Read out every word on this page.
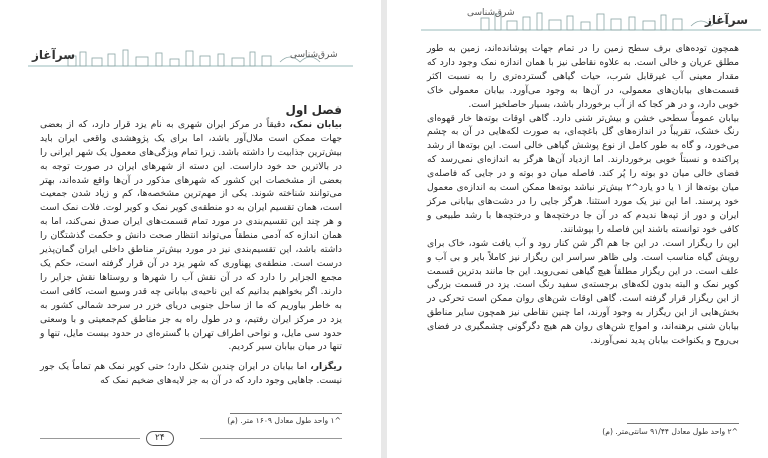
سرآغاز	شرق‌شناسی

فصل اول

بیابان نمک، دقیقاً در مرکز ایران شهری به نام یزد قرار دارد، که از بعضی جهات ممکن است ملال‌آور باشد، اما برای یک پژوهشدی واقعی ایران باید بیش‌ترین جذابیت را داشته باشد. زیرا تمام ویژگی‌های معمول یک شهر ایرانی را در بالاترین حد خود داراست. این دسته از شهرهای ایران در صورت توجه به بعضی از مشخصات این کشور که شهرهای مذکور در آن‌ها واقع شده‌اند، بهتر می‌توانند شناخته شوند. یکی از مهم‌ترین مشخصه‌ها، کم و زیاد شدن جمعیت است، همان تقسیم ایران به دو منطقه‌ی کویر نمک و کویر لوت. فلات نمک است و هر چند این تقسیم‌بندی در مورد تمام قسمت‌های ایران صدق نمی‌کند، اما به همان اندازه که آدمی منطقاً می‌تواند انتظار صحت دانش و حکمت گذشتگان را داشته باشد، این تقسیم‌بندی نیز در مورد بیش‌تر مناطق داخلی ایران گمان‌پذیر درست است. منطقه‌ی پهناوری که شهر یزد در آن قرار گرفته است، حکم یک مجمع الجزایر را دارد که در آن نقش آب را شهرها و روستاها نقش جزایر را دارند. اگر بخواهیم بدانیم که این ناحیه‌ی بیابانی چه قدر وسیع است، کافی است به خاطر بیاوریم که ما از ساحل جنوبی دریای خزر در سرحد شمالی کشور به یزد در مرکز ایران رفتیم، و در طول راه به جز مناطق کم‌جمعیتی و با وسعتی حدود سی مایل، و نواحی اطراف تهران با گستره‌ای در حدود بیست مایل، تنها و تنها در میان بیابان سیر کردیم.

ریگزار، اما بیابان در ایران چندین شکل دارد؛ حتی کویر نمک هم تماماً یک جور نیست. جاهایی وجود دارد که در آن به جز لایه‌های ضخیم نمک که

^۱ واحد طول معادل ۱۶۰۹ متر. (م)
۲۴
شرق‌شناسی	سرآغاز

همچون توده‌های برف سطح زمین را در تمام جهات پوشانده‌اند، زمین به طور مطلق عریان و خالی است. به علاوه نقاطی نیز با همان اندازه نمک وجود دارد که مقدار معینی آب غیرقابل شرب، حیات گیاهی گسترده‌تری را به نسبت اکثر قسمت‌های بیابان‌های معمولی، در آن‌ها به وجود می‌آورد. بیابان معمولی خاک خوبی دارد، و در هر کجا که از آب برخوردار باشد، بسیار حاصلخیز است.

بیابان عموماً سطحی خشن و بیش‌تر شنی دارد. گاهی اوقات بوته‌ها خار قهوه‌ای رنگ خشک، تقریباً در اندازه‌های گل باغچه‌ای، به صورت لکه‌هایی در آن به چشم می‌خورد، و گاه به طور کامل از نوع پوشش گیاهی خالی است. این بوته‌ها از رشد پراکنده و نسبتاً خوبی برخوردارند. اما ازدیاد آن‌ها هرگز به اندازه‌ای نمی‌رسد که فضای خالی میان دو بوته را پُر کند. فاصله میان دو بوته و در جایی که فاصله‌ی میان بوته‌ها از ۱ یا دو یارد^۲ بیش‌تر نباشد بوته‌ها ممکن است به اندازه‌ی معمول خود پرسند. اما این نیز یک مورد استثنا. هرگز جایی را در دشت‌های بیابانی مرکز ایران و دور از تپه‌ها ندیدم که در آن جا درختچه‌ها و درختچه‌ها با رشد طبیعی و کافی خود توانسته باشند این فاصله را بپوشانند.

این را ریگزار است. در این جا هم اگر شن کنار رود و آب یافت شود، خاک برای رویش گیاه مناسب است. ولی ظاهر سراسر این ریگزار نیز کاملاً بایر و بی آب و علف است. در این ریگزار مطلقاً هیچ گیاهی نمی‌روید. این جا مانند بدترین قسمت کویر نمک و البته بدون لکه‌های برجسته‌ی سفید رنگ است. یزد در قسمت بزرگی از این ریگزار قرار گرفته است. گاهی اوقات شن‌های روان ممکن است تحرکی در بخش‌هایی از این ریگزار به وجود آورند، اما چنین نقاطی نیز همچون سایر مناطق بیابان شنی برهنه‌اند، و امواج شن‌های روان هم هیچ دگرگونی چشمگیری در فضای بی‌روح و یکنواخت بیابان پدید نمی‌آورند.

^۲ واحد طول معادل ۹۱/۴۴ سانتی‌متر. (م)
